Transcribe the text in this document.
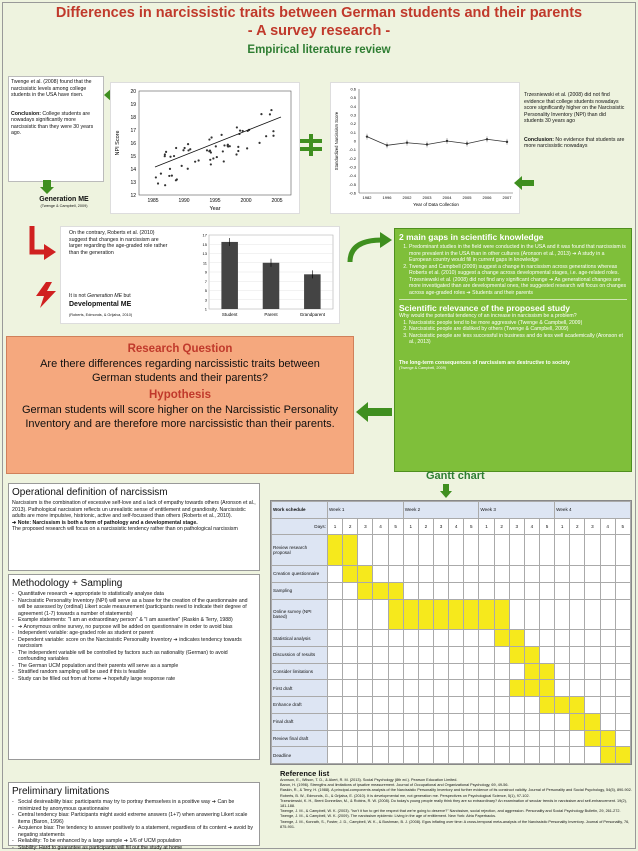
Differences in narcissistic traits between German students and their parents
- A survey research -
Empirical literature review
Twenge et al. (2008) found that the narcissistic levels among college students in the USA have risen.
Conclusion: College students are nowadays significantly more narcissistic than they were 30 years ago.
Generation ME
(Twenge & Campbell, 2009)
20
19
18
17
16
15
14
13
12
1985	1990	1995	2000	2005
NPI Score
Year
0.6
0.5
0.4
0.3
0.2
0.1
0
-0.1
-0.2
-0.3
-0.4
-0.5
-0.6
1982	1996	2002	2003	2004	2005	2006	2007
Standardized Narcissism Score
Year of Data Collection
Trzesniewski et al. (2008) did not find evidence that college students nowadays score significantly higher on the Narcissistic Personality Inventory (NPI) than did students 30 years ago
Conclusion: No evidence that students are more narcissistic nowadays
On the contrary, Roberts et al. (2010) suggest that changes in narcissism are larger regarding the age-graded role rather than the generation
It is not Generation ME but
Developmental ME
(Roberts, Edmonds, & Grijalva, 2010)
17
15
13
11
9
7
5
3
1
Student	Parent	Grandparent
2 main gaps in scientific knowledge
1. Predominant studies in the field were conducted in the USA and it was found that narcissism is more prevalent in the USA than in other cultures (Aronson et al., 2013) ➔ A study in a European country would fill in current gaps in knowledge
2. Twenge and Campbell (2009) suggest a change in narcissism across generations whereas Roberts et al. (2010) suggest a change across developmental stages, i.e. age-related roles. Trzesniewski et al. (2008) did not find any significant change ➔ As generational changes are more investigated than are developmental ones, the suggested research will focus on changes across age-graded roles ➔ Students and their parents
Scientific relevance of the proposed study
Why would the potential tendency of an increase in narcissism be a problem?
1. Narcissistic people tend to be more aggressive (Twenge & Campbell, 2009)
2. Narcissistic people are disliked by others (Twenge & Campbell, 2009)
3. Narcissistic people are less successful in business and do less well academically (Aronson et al., 2013)
The long-term consequences of narcissism are destructive to society
(Twenge & Campbell, 2009)
Research Question
Are there differences regarding narcissistic traits between German students and their parents?
Hypothesis
German students will score higher on the Narcissistic Personality Inventory and are therefore more narcissistic than their parents.
Gantt chart
Operational definition of narcissism
Narcissism is the combination of excessive self-love and a lack of empathy towards others (Aronson et al., 2013). Pathological narcissism reflects un unrealistic sense of entitlement and grandiosity. Narcissistic adults are more impulsive, histrionic, active and self-focussed than others (Roberts et al., 2010).
➔ Note: Narcissism is both a form of pathology and a developmental stage.
The proposed research will focus on a narcissistic tendency rather than on pathological narcissism
Methodology + Sampling
- Quantitative research ➔ appropriate to statistically analyse data
- Narcissistic Personality Inventory (NPI) will serve as a base for the creation of the questionnaire and will be assessed by (ordinal) Likert scale measurement (participants need to indicate their degree of agreement (1-7) towards a number of statements)
- Example statements: "I am an extraordinary person" & "I am assertive" (Raskin & Terry, 1988)
- ➔ Anonymous online survey, no purpose will be added on questionnaire in order to avoid bias
- Independent variable: age-graded role as student or parent
- Dependent variable: score on the Narcissistic Personality Inventory ➔ indicates tendency towards narcissism
- The independent variable will be controlled by factors such as nationality (German) to avoid confounding variables
- The German UCM population and their parents will serve as a sample
- Stratified random sampling will be used if this is feasible
- Study can be filled out from at home ➔ hopefully large response rate
Preliminary limitations
- Social desireability bias: participants may try to portray themselves in a positive way ➔ Can be minimized by anonymous questionnaire
- Central tendency bias: Participants might avoid extreme answers (1+7) when answering Likert scale items (Baron, 1996)
- Acquience bias: The tendency to answer positively to a statement, regardless of its content ➔ avoid by negating statements
- Reliability: To be enhanced by a large sample ➔ 1/6 of UCM population
- Stability: Hard to guarantee as participants will fill out the study at home
Work schedule	Week 1					Week 2					Week 3					Week 4				
Days:	1	2	3	4	5	1	2	3	4	5	1	2	3	4	5	1	2	3	4	5
Review research proposal																				
Creation questionnaire																				
Sampling																				
Online survey (NPI based)																				
Statistical analysis																				
Discussion of results																				
Consider limitations																				
First draft																				
Enhance draft																				
Final draft																				
Review final draft																				
Deadline																				
Reference list
Aronson, E., Wilson, T. D., & Akert, R. M. (2013). Social Psychology (8th ed.). Pearson Education Limited.
Baron, H. (1996). Strengths and limitations of ipsative measurement. Journal of Occupational and Organizational Psychology, 69, 49-56.
Raskin, R., & Terry, H. (1988). A principal-components analysis of the Narcissistic Personality Inventory and further evidence of its construct validity. Journal of Personality and Social Psychology, 54(5), 890-902.
Roberts, B. W., Edmonds, G., & Grijalva, E. (2010). It is developmental me, not generation me. Perspectives on Psychological Science, 5(1), 97-102.
Trzesniewski, K. H., Brent Donnellan, M., & Robins, R. W. (2008). Do today's young people really think they are so extraordinary? An examination of secular trends in narcissism and self-enhancement. 19(2), 181-188.
Twenge, J. M., & Campbell, W. K. (2003). "Isn't it fun to get the respect that we're going to deserve?" Narcissism, social rejection, and aggression. Personality and Social Psychology Bulletin, 29, 261-272.
Twenge, J. M., & Campbell, W. K. (2009). The narcissism epidemic: Living in the age of entitlement. New York: Atria Paperbacks.
Twenge, J. M., Konrath, S., Foster, J. D., Campbell, W. K., & Bushman, B. J. (2008). Egos inflating over time: A cross-temporal meta-analysis of the Narcissistic Personality Inventory. Journal of Personality, 76, 875-901.
